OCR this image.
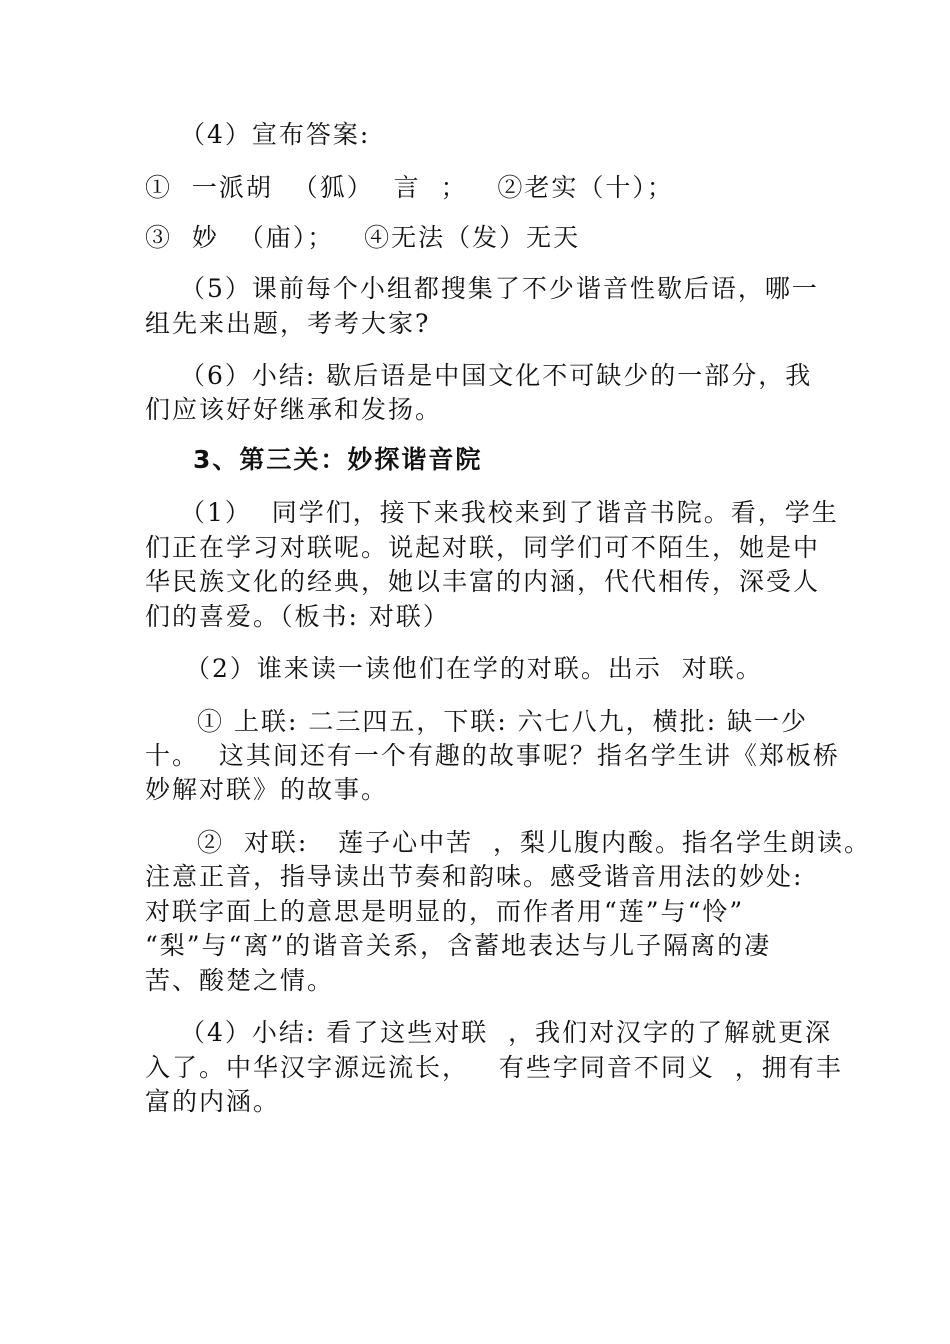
（4）宣布答案:
①  一派胡  （狐）  言  ；   ②老实（十）；
③  妙  （庙）；   ④无法（发）无天
（5）课前每个小组都搜集了不少谐音性歇后语，哪一
组先来出题，考考大家?
（6）小结: 歇后语是中国文化不可缺少的一部分，我
们应该好好继承和发扬。
3、第三关：妙探谐音院
（1）  同学们，接下来我校来到了谐音书院。看，学生
们正在学习对联呢。说起对联，同学们可不陌生，她是中
华民族文化的经典，她以丰富的内涵，代代相传，深受人
们的喜爱。（板书: 对联）
（2）谁来读一读他们在学的对联。出示  对联。
① 上联: 二三四五，下联: 六七八九，横批: 缺一少
十。  这其间还有一个有趣的故事呢？指名学生讲《郑板桥
妙解对联》的故事。
②  对联:   莲子心中苦  ，梨儿腹内酸。指名学生朗读。
注意正音，指导读出节奏和韵味。感受谐音用法的妙处:
对联字面上的意思是明显的，而作者用“莲”与“怜”
“梨”与“离”的谐音关系，含蓄地表达与儿子隔离的凄
苦、酸楚之情。
（4）小结: 看了这些对联  ，我们对汉字的了解就更深
入了。中华汉字源远流长，   有些字同音不同义  ，拥有丰
富的内涵。
